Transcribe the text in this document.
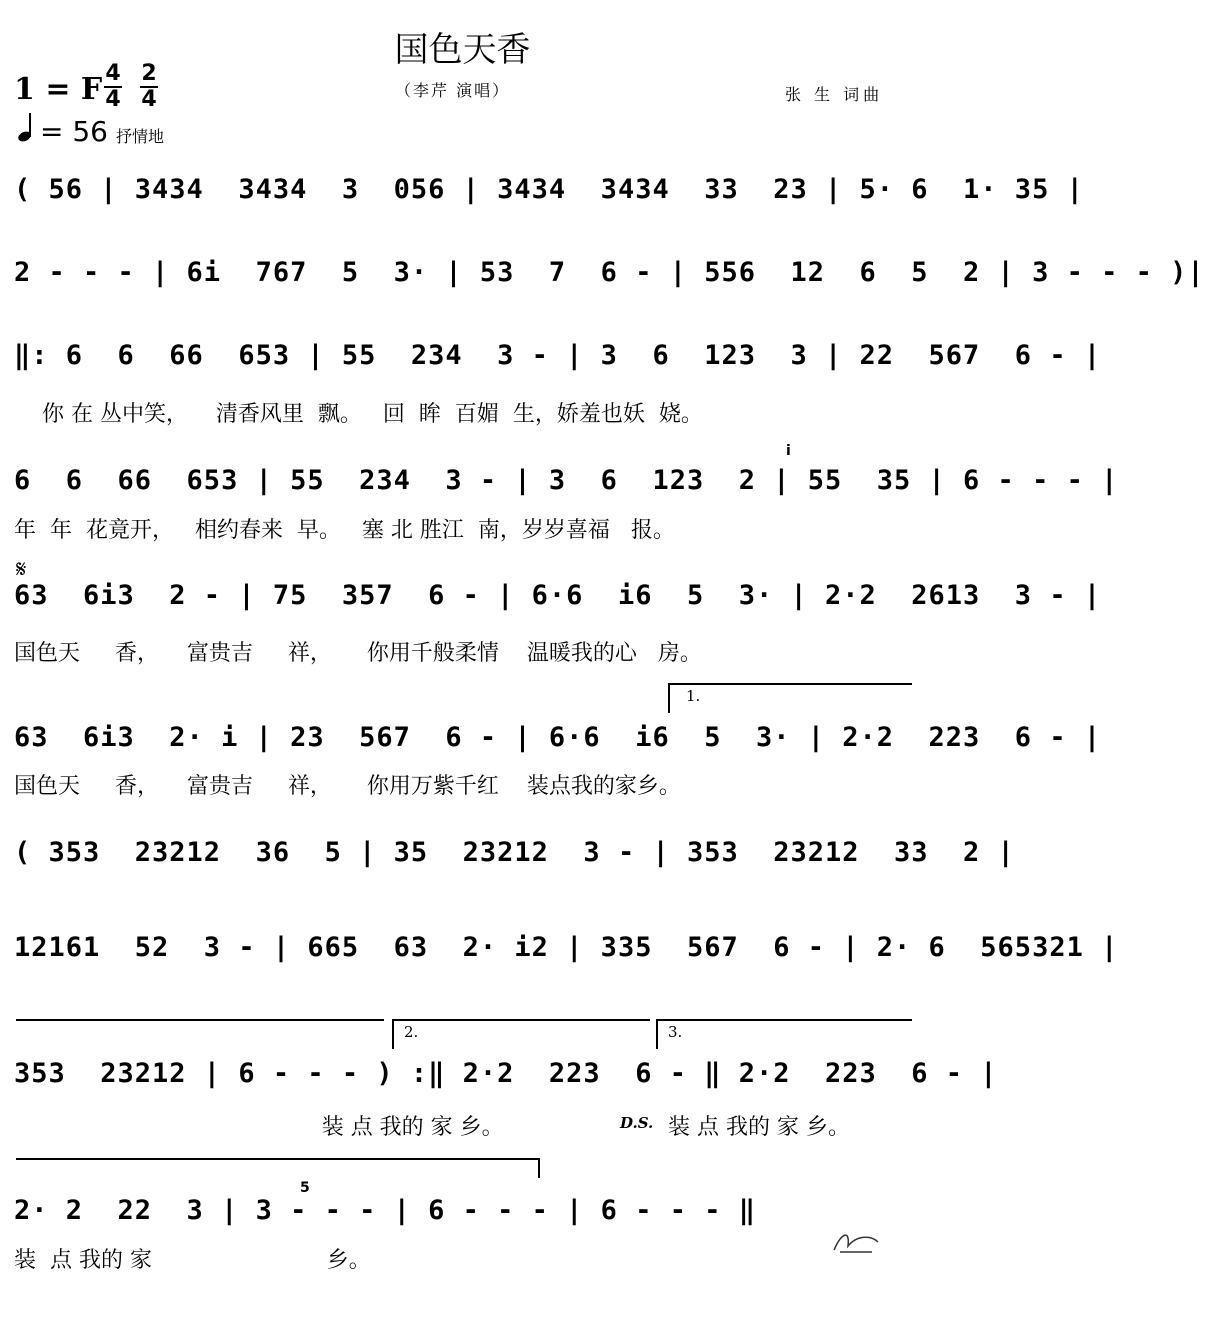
国色天香
（李芹 演唱）	张 生 词曲
1 = F 4
4
2
4
= 56 抒情地
( 56 | 3434  3434  3  056 | 3434  3434  33  23 | 5· 6  1· 35 |
2 - - - | 6i  767  5  3· | 53  7  6 - | 556  12  6  5  2 | 3 - - - )|
‖: 6  6  66  653 | 55  234  3 - | 3  6  123  3 | 22  567  6 - |
你 在 丛中笑，    清香风里  飘。   回  眸  百媚  生，娇羞也妖  娆。
6  6  66  653 | 55  234  3 - | 3  6  123  2 | 55  35 | 6 - - - |
年  年  花竟开，   相约春来  早。   塞 北 胜江  南，岁岁喜福   报。
i
𝄋
63  6i3  2 - | 75  357  6 - | 6·6  i6  5  3· | 2·2  2613  3 - |
国色天     香，    富贵吉     祥，     你用千般柔情    温暖我的心   房。
1.
63  6i3  2· i | 23  567  6 - | 6·6  i6  5  3· | 2·2  223  6 - |
国色天     香，    富贵吉     祥，     你用万紫千红    装点我的家乡。
( 353  23212  36  5 | 35  23212  3 - | 353  23212  33  2 |
12161  52  3 - | 665  63  2· i2 | 335  567  6 - | 2· 6  565321 |
2.	3.
353  23212 | 6 - - - ) :‖ 2·2  223  6 - ‖ 2·2  223  6 - |
装 点 我的 家 乡。	D.S. 装 点 我的 家 乡。
5
2· 2  22  3 | 3 - - - | 6 - - - | 6 - - - ‖
装  点 我的 家                         乡。
